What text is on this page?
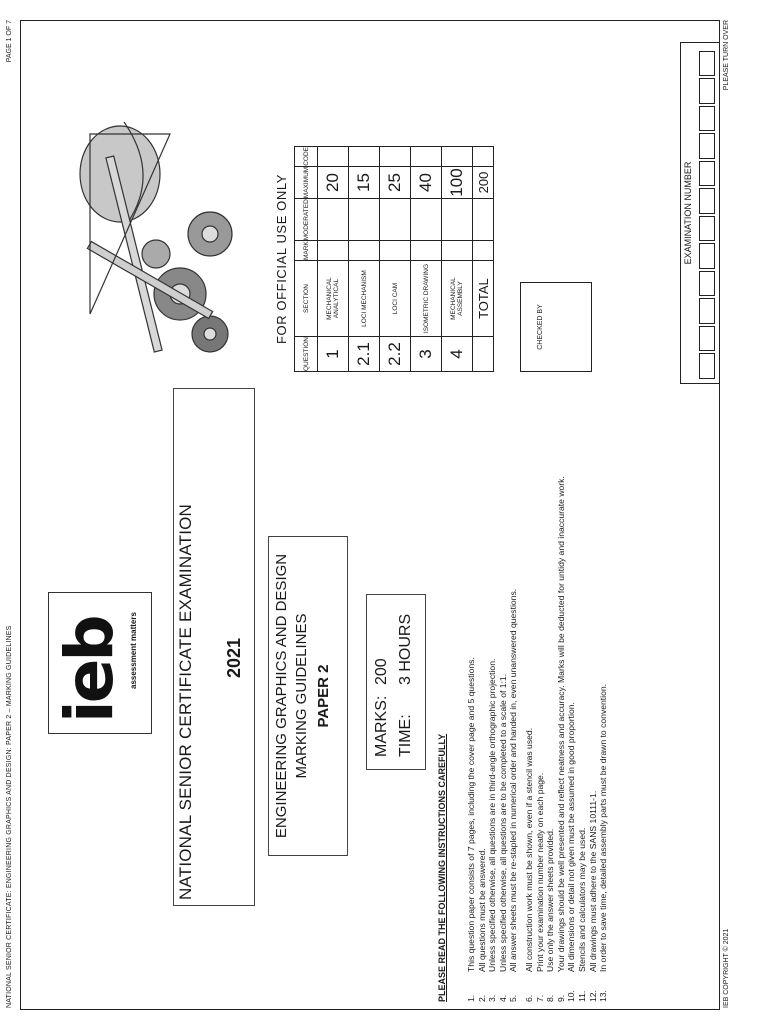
NATIONAL SENIOR CERTIFICATE: ENGINEERING GRAPHICS AND DESIGN: PAPER 2 – MARKING GUIDELINES
PAGE 1 OF 7
ieb assessment matters NATIONAL SENIOR CERTIFICATE EXAMINATION 2021 ENGINEERING GRAPHICS AND DESIGN MARKING GUIDELINES PAPER 2	MARKS:
200
TIME:
3 HOURS
PLEASE READ THE FOLLOWING INSTRUCTIONS CAREFULLY 1.
This question paper consists of 7 pages, including the cover page and 5 questions.
2.
All questions must be answered.
3.
Unless specified otherwise, all questions are in third-angle orthographic projection.
4.
Unless specified otherwise, all questions are to be completed to a scale of 1:1.
5.
All answer sheets must be re-stapled in numerical order and handed in, even unanswered questions.
6.
All construction work must be shown, even if a stencil was used.
7.
Print your examination number neatly on each page.
8.
Use only the answer sheets provided.
9.
Your drawings should be well presented and reflect neatness and accuracy. Marks will be deducted for untidy and inaccurate work.
10.
All dimensions or detail not given must be assumed in good proportion.
11.
Stencils and calculators may be used.
12.
All drawings must adhere to the SANS 10111-1.
13.
In order to save time, detailed assembly parts must be drawn to convention.
FOR OFFICIAL USE ONLY
QUESTION	SECTION	MARK	MODERATED	MAXIMUM	CODE
1	MECHANICAL ANALYTICAL			20	
2.1	LOCI MECHANISM			15	
2.2	LOCI CAM			25	
3	ISOMETRIC DRAWING			40	
4	MECHANICAL ASSEMBLY			100	
	TOTAL			200	
CHECKED BY
EXAMINATION NUMBER
IEB COPYRIGHT © 2021
PLEASE TURN OVER
